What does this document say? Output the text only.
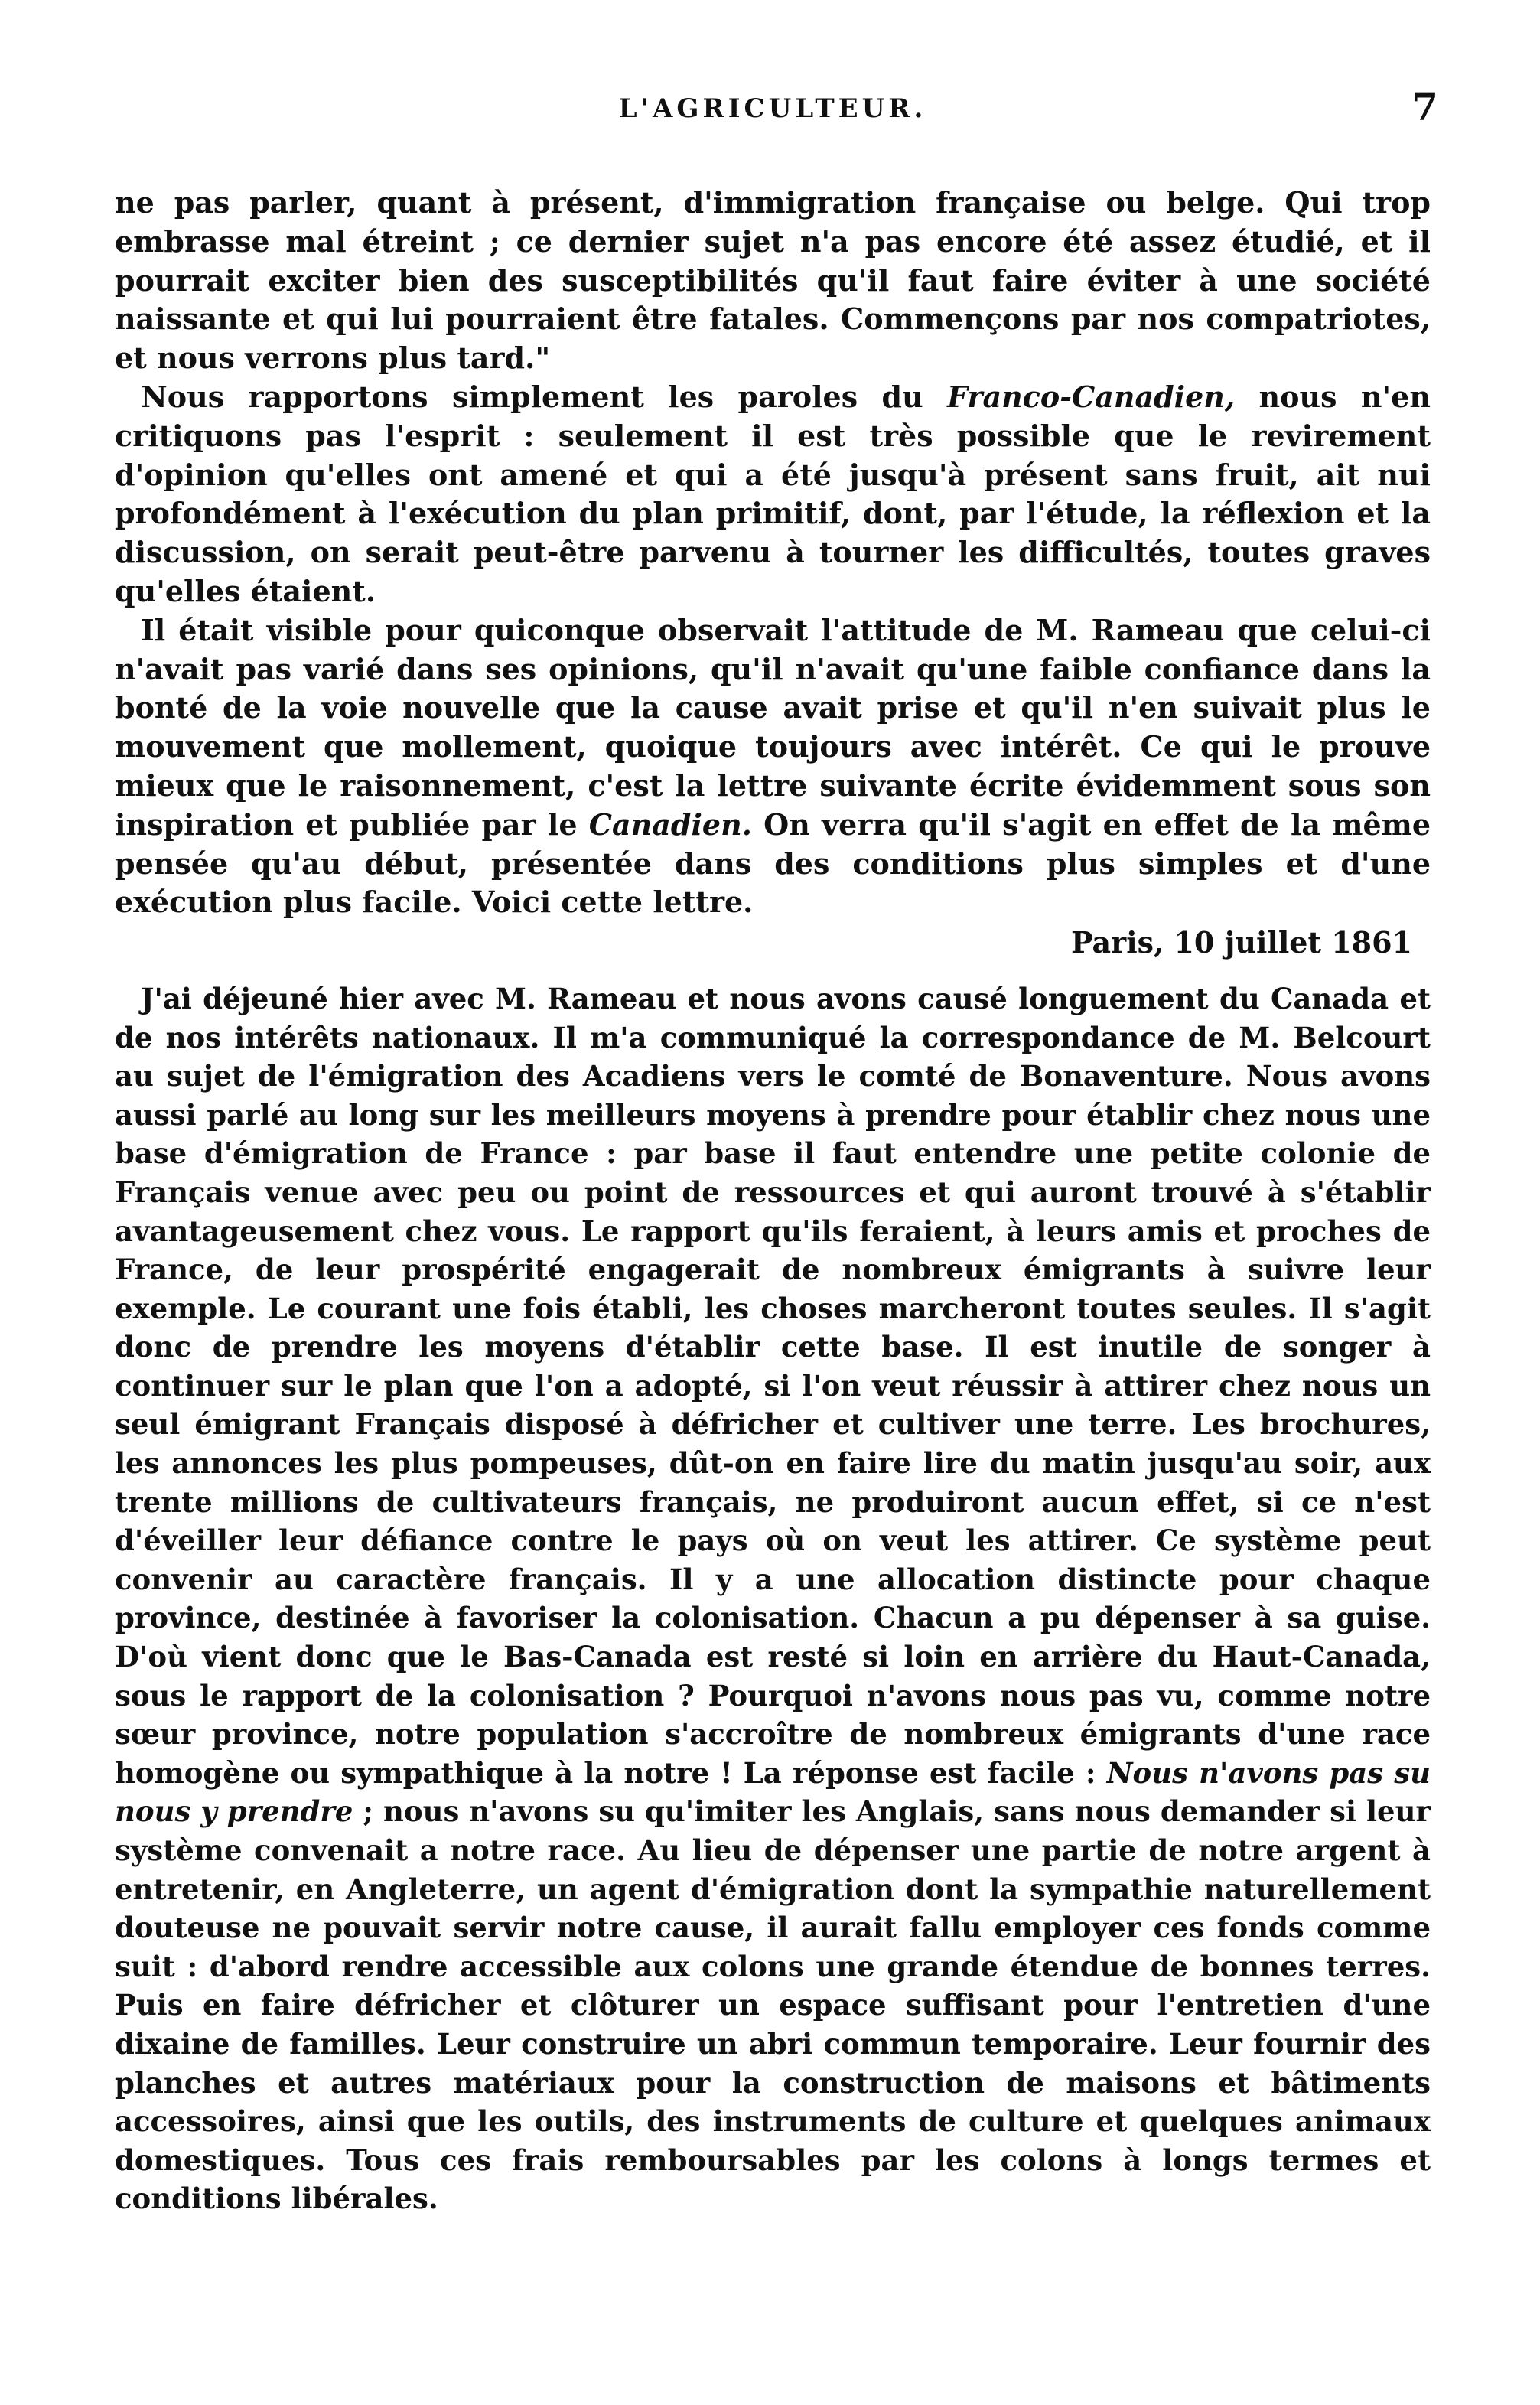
L'AGRICULTEUR.	7

ne pas parler, quant à présent, d'immigration française ou belge. Qui trop embrasse mal étreint ; ce dernier sujet n'a pas encore été assez étudié, et il pourrait exciter bien des susceptibilités qu'il faut faire éviter à une société naissante et qui lui pourraient être fatales. Commençons par nos compatriotes, et nous verrons plus tard."

Nous rapportons simplement les paroles du Franco-Canadien, nous n'en critiquons pas l'esprit : seulement il est très possible que le revirement d'opinion qu'elles ont amené et qui a été jusqu'à présent sans fruit, ait nui profondément à l'exécution du plan primitif, dont, par l'étude, la réflexion et la discussion, on serait peut-être parvenu à tourner les difficultés, toutes graves qu'elles étaient.

Il était visible pour quiconque observait l'attitude de M. Rameau que celui-ci n'avait pas varié dans ses opinions, qu'il n'avait qu'une faible confiance dans la bonté de la voie nouvelle que la cause avait prise et qu'il n'en suivait plus le mouvement que mollement, quoique toujours avec intérêt. Ce qui le prouve mieux que le raisonnement, c'est la lettre suivante écrite évidemment sous son inspiration et publiée par le Canadien. On verra qu'il s'agit en effet de la même pensée qu'au début, présentée dans des conditions plus simples et d'une exécution plus facile. Voici cette lettre.

Paris, 10 juillet 1861

J'ai déjeuné hier avec M. Rameau et nous avons causé longuement du Canada et de nos intérêts nationaux. Il m'a communiqué la correspondance de M. Belcourt au sujet de l'émigration des Acadiens vers le comté de Bonaventure. Nous avons aussi parlé au long sur les meilleurs moyens à prendre pour établir chez nous une base d'émigration de France : par base il faut entendre une petite colonie de Français venue avec peu ou point de ressources et qui auront trouvé à s'établir avantageusement chez vous. Le rapport qu'ils feraient, à leurs amis et proches de France, de leur prospérité engagerait de nombreux émigrants à suivre leur exemple. Le courant une fois établi, les choses marcheront toutes seules. Il s'agit donc de prendre les moyens d'établir cette base. Il est inutile de songer à continuer sur le plan que l'on a adopté, si l'on veut réussir à attirer chez nous un seul émigrant Français disposé à défricher et cultiver une terre. Les brochures, les annonces les plus pompeuses, dût-on en faire lire du matin jusqu'au soir, aux trente millions de cultivateurs français, ne produiront aucun effet, si ce n'est d'éveiller leur défiance contre le pays où on veut les attirer. Ce système peut convenir au caractère français. Il y a une allocation distincte pour chaque province, destinée à favoriser la colonisation. Chacun a pu dépenser à sa guise. D'où vient donc que le Bas-Canada est resté si loin en arrière du Haut-Canada, sous le rapport de la colonisation ? Pourquoi n'avons nous pas vu, comme notre sœur province, notre population s'accroître de nombreux émigrants d'une race homogène ou sympathique à la notre ! La réponse est facile : Nous n'avons pas su nous y prendre ; nous n'avons su qu'imiter les Anglais, sans nous demander si leur système convenait a notre race. Au lieu de dépenser une partie de notre argent à entretenir, en Angleterre, un agent d'émigration dont la sympathie naturellement douteuse ne pouvait servir notre cause, il aurait fallu employer ces fonds comme suit : d'abord rendre accessible aux colons une grande étendue de bonnes terres. Puis en faire défricher et clôturer un espace suffisant pour l'entretien d'une dixaine de familles. Leur construire un abri commun temporaire. Leur fournir des planches et autres matériaux pour la construction de maisons et bâtiments accessoires, ainsi que les outils, des instruments de culture et quelques animaux domestiques. Tous ces frais remboursables par les colons à longs termes et conditions libérales.
